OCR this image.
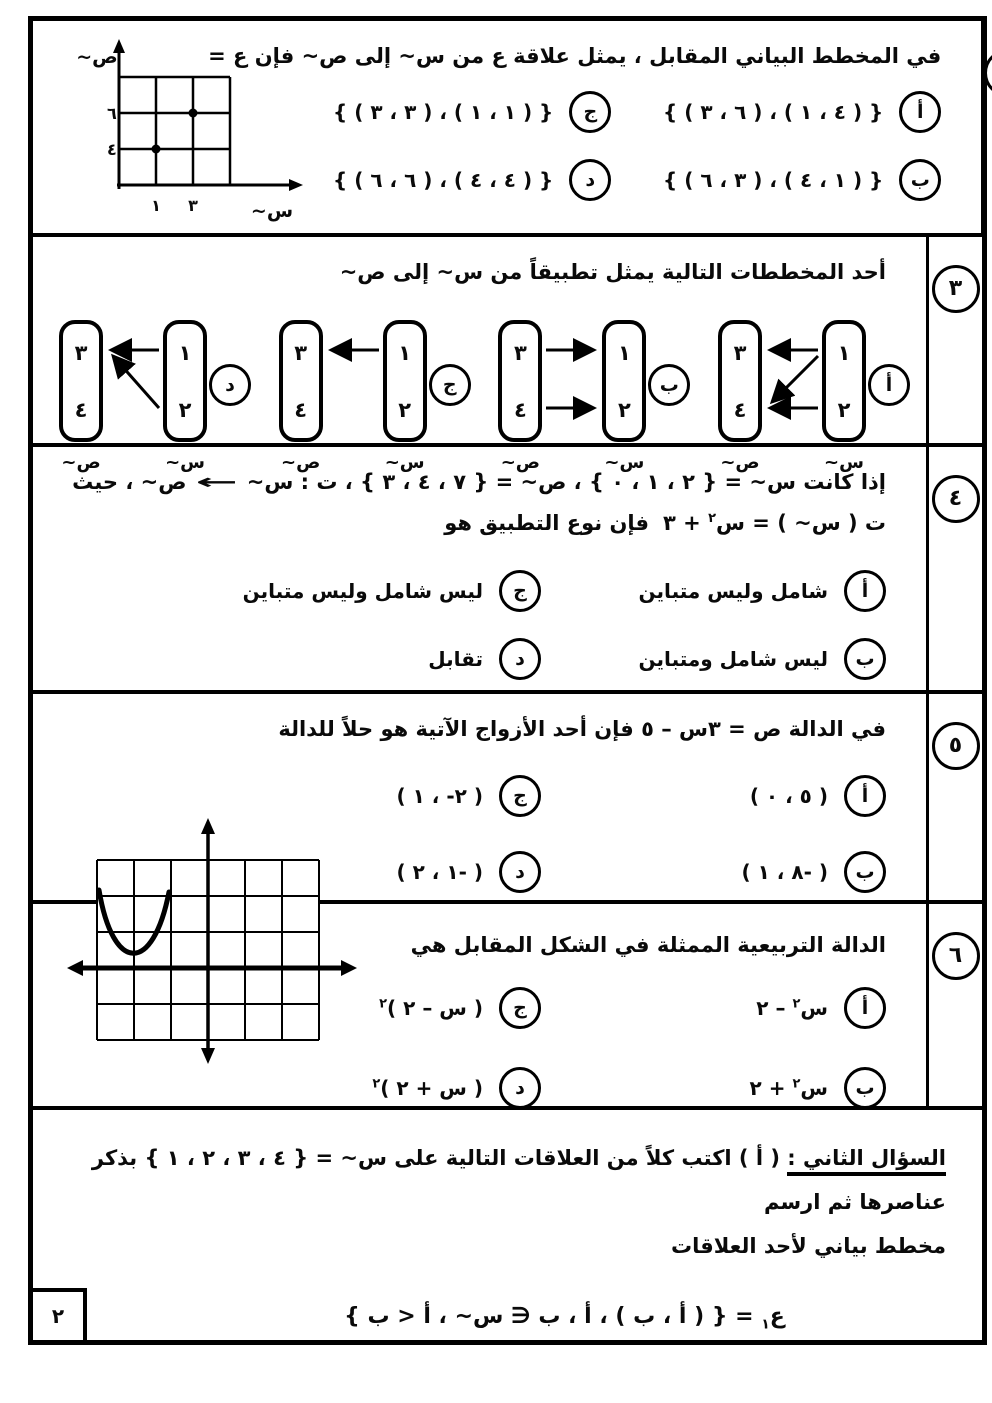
في المخطط البياني المقابل ، يمثل علاقة ع من س~ إلى ص~ فإن ع =
ص~
س~
٦
٤
١ ٣
أ
{ ( ٦ ، ٣ ) ، ( ٤ ، ١ ) }
ج
{ ( ٣ ، ٣ ) ، ( ١ ، ١ ) }
ب
{ ( ٣ ، ٦ ) ، ( ١ ، ٤ ) }
د
{ ( ٦ ، ٦ ) ، ( ٤ ، ٤ ) }
أحد المخططات التالية يمثل تطبيقاً من س~ إلى ص~
أ
١
٢
٣
٤
س~
ص~
ب
١
٢
٣
٤
س~
ص~
ج
١
٢
٣
٤
س~
ص~
د
١
٢
٣
٤
س~
ص~
٣
إذا كانت س~ = { ٢ ، ١ ، ٠ } ، ص~ = { ٧ ، ٤ ، ٣ } ، ت : س~ ← ص~ ، حيث
ت ( س~ ) = س$^٢$ + ٣فإن نوع التطبيق هو
أ
شامل وليس متباين
ج
ليس شامل وليس متباين
ب
ليس شامل ومتباين
د
تقابل
٤
في الدالة ص = ٣س – ٥ فإن أحد الأزواج الآتية هو حلاً للدالة
أ
( ٥ ، ٠ )
ج
( ٢- ، ١ )
ب
( ٨ ، ١- )
د
( ١ ، ٢- )
٥
الدالة التربيعية الممثلة في الشكل المقابل هي
أ
س$^٢$ – ٢
ج
( س – ٢ )$^٢$
ب
س$^٢$ + ٢
د
( س + ٢ )$^٢$
٦
السؤال الثاني : ( أ ) اكتب كلاً من العلاقات التالية على س~ = { ٤ ، ٣ ، ٢ ، ١ } بذكر عناصرها ثم ارسم
مخطط بياني لأحد العلاقات
ع$_١$ = { ( أ ، ب ) ، أ ، ب ∈ س~ ، أ < ب }
٢
